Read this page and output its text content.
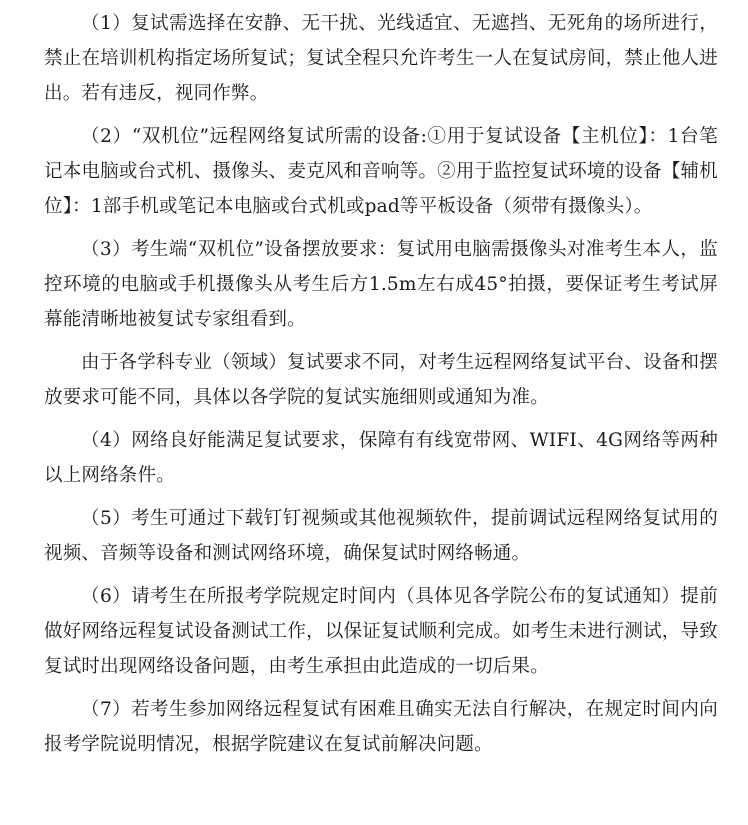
（1）复试需选择在安静、无干扰、光线适宜、无遮挡、无死角的场所进行，禁止在培训机构指定场所复试；复试全程只允许考生一人在复试房间，禁止他人进出。若有违反，视同作弊。

（2）“双机位”远程网络复试所需的设备:①用于复试设备【主机位】：1台笔记本电脑或台式机、摄像头、麦克风和音响等。②用于监控复试环境的设备【辅机位】：1部手机或笔记本电脑或台式机或pad等平板设备（须带有摄像头）。

（3）考生端“双机位”设备摆放要求：复试用电脑需摄像头对准考生本人，监控环境的电脑或手机摄像头从考生后方1.5m左右成45°拍摄，要保证考生考试屏幕能清晰地被复试专家组看到。

由于各学科专业（领域）复试要求不同，对考生远程网络复试平台、设备和摆放要求可能不同，具体以各学院的复试实施细则或通知为准。

（4）网络良好能满足复试要求，保障有有线宽带网、WIFI、4G网络等两种以上网络条件。

（5）考生可通过下载钉钉视频或其他视频软件，提前调试远程网络复试用的视频、音频等设备和测试网络环境，确保复试时网络畅通。

（6）请考生在所报考学院规定时间内（具体见各学院公布的复试通知）提前做好网络远程复试设备测试工作，以保证复试顺利完成。如考生未进行测试，导致复试时出现网络设备问题，由考生承担由此造成的一切后果。

（7）若考生参加网络远程复试有困难且确实无法自行解决，在规定时间内向报考学院说明情况，根据学院建议在复试前解决问题。
